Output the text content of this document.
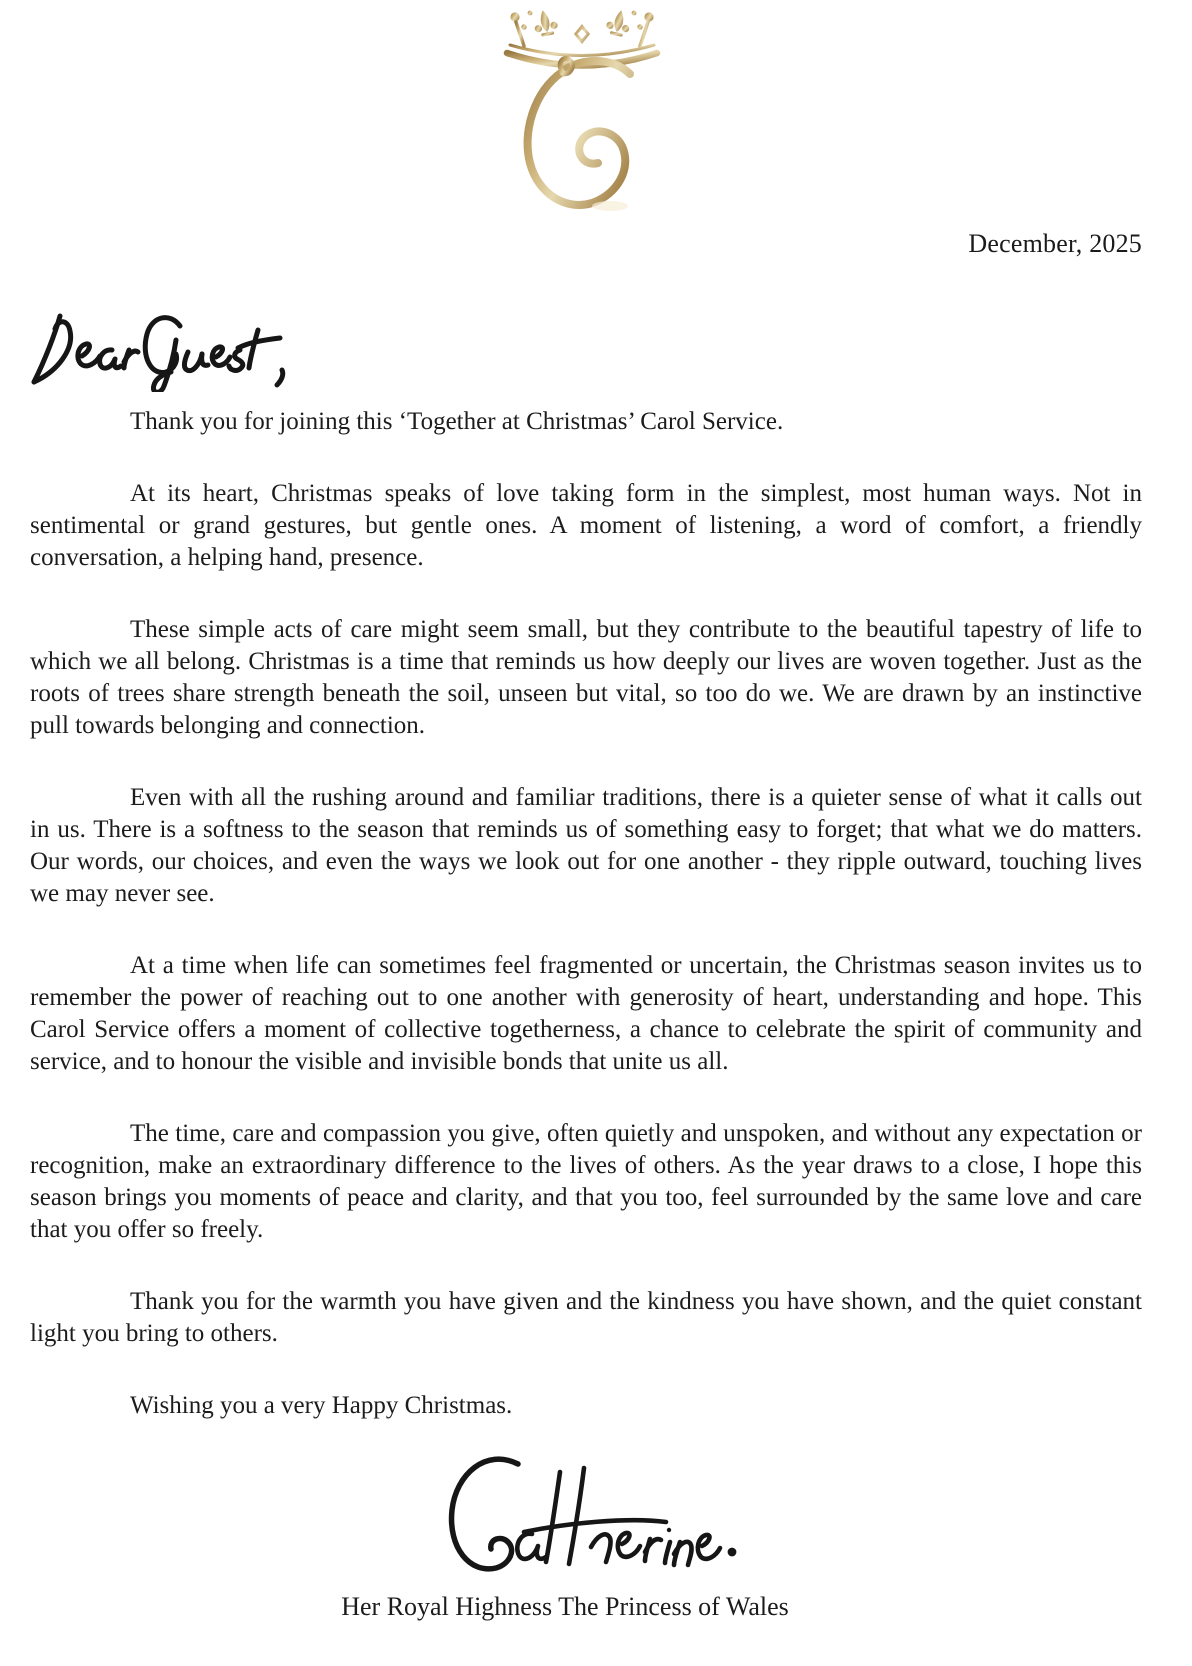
December, 2025

Thank you for joining this ‘Together at Christmas’ Carol Service.

At its heart, Christmas speaks of love taking form in the simplest, most human ways. Not in sentimental or grand gestures, but gentle ones. A moment of listening, a word of comfort, a friendly conversation, a helping hand, presence.

These simple acts of care might seem small, but they contribute to the beautiful tapestry of life to which we all belong. Christmas is a time that reminds us how deeply our lives are woven together. Just as the roots of trees share strength beneath the soil, unseen but vital, so too do we. We are drawn by an instinctive pull towards belonging and connection.

Even with all the rushing around and familiar traditions, there is a quieter sense of what it calls out in us. There is a softness to the season that reminds us of something easy to forget; that what we do matters. Our words, our choices, and even the ways we look out for one another - they ripple outward, touching lives we may never see.

At a time when life can sometimes feel fragmented or uncertain, the Christmas season invites us to remember the power of reaching out to one another with generosity of heart, understanding and hope. This Carol Service offers a moment of collective togetherness, a chance to celebrate the spirit of community and service, and to honour the visible and invisible bonds that unite us all.

The time, care and compassion you give, often quietly and unspoken, and without any expectation or recognition, make an extraordinary difference to the lives of others. As the year draws to a close, I hope this season brings you moments of peace and clarity, and that you too, feel surrounded by the same love and care that you offer so freely.

Thank you for the warmth you have given and the kindness you have shown, and the quiet constant light you bring to others.

Wishing you a very Happy Christmas.

Her Royal Highness The Princess of Wales
